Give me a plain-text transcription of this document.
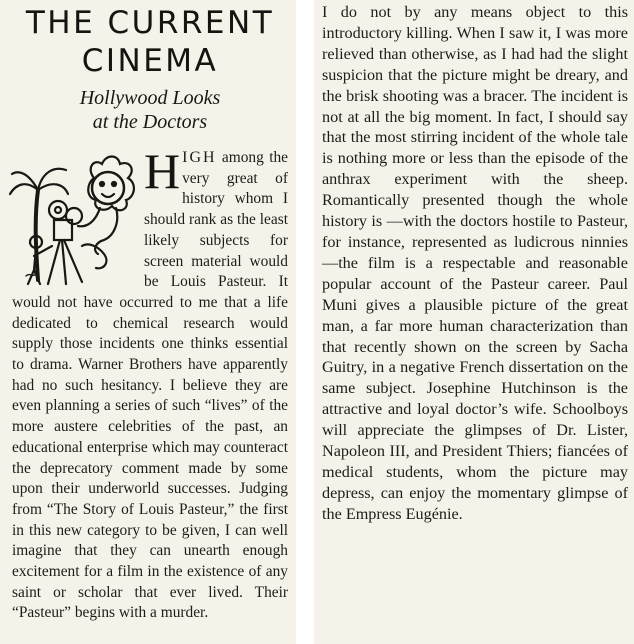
THE CURRENT
CINEMA
Hollywood Looks
at the Doctors

HIGH among the very great of history whom I should rank as the least likely subjects for screen material would be Louis Pasteur. It would not have occurred to me that a life dedicated to chemical research would supply those incidents one thinks essential to drama. Warner Brothers have apparently had no such hesitancy. I believe they are even planning a series of such “lives” of the more austere celebrities of the past, an educational enterprise which may counteract the deprecatory comment made by some upon their underworld successes. Judging from “The Story of Louis Pasteur,” the first in this new category to be given, I can well imagine that they can unearth enough excitement for a film in the existence of any saint or scholar that ever lived. Their “Pasteur” begins with a murder.

I do not by any means object to this introductory killing. When I saw it, I was more relieved than otherwise, as I had had the slight suspicion that the picture might be dreary, and the brisk shooting was a bracer. The incident is not at all the big moment. In fact, I should say that the most stirring incident of the whole tale is nothing more or less than the episode of the anthrax experiment with the sheep. Romantically presented though the whole history is —with the doctors hostile to Pasteur, for instance, represented as ludicrous ninnies—the film is a respectable and reasonable popular account of the Pasteur career. Paul Muni gives a plausible picture of the great man, a far more human characterization than that recently shown on the screen by Sacha Guitry, in a negative French dissertation on the same subject. Josephine Hutchinson is the attractive and loyal doctor’s wife. Schoolboys will appreciate the glimpses of Dr. Lister, Napoleon III, and President Thiers; fiancées of medical students, whom the picture may depress, can enjoy the momentary glimpse of the Empress Eugénie.
